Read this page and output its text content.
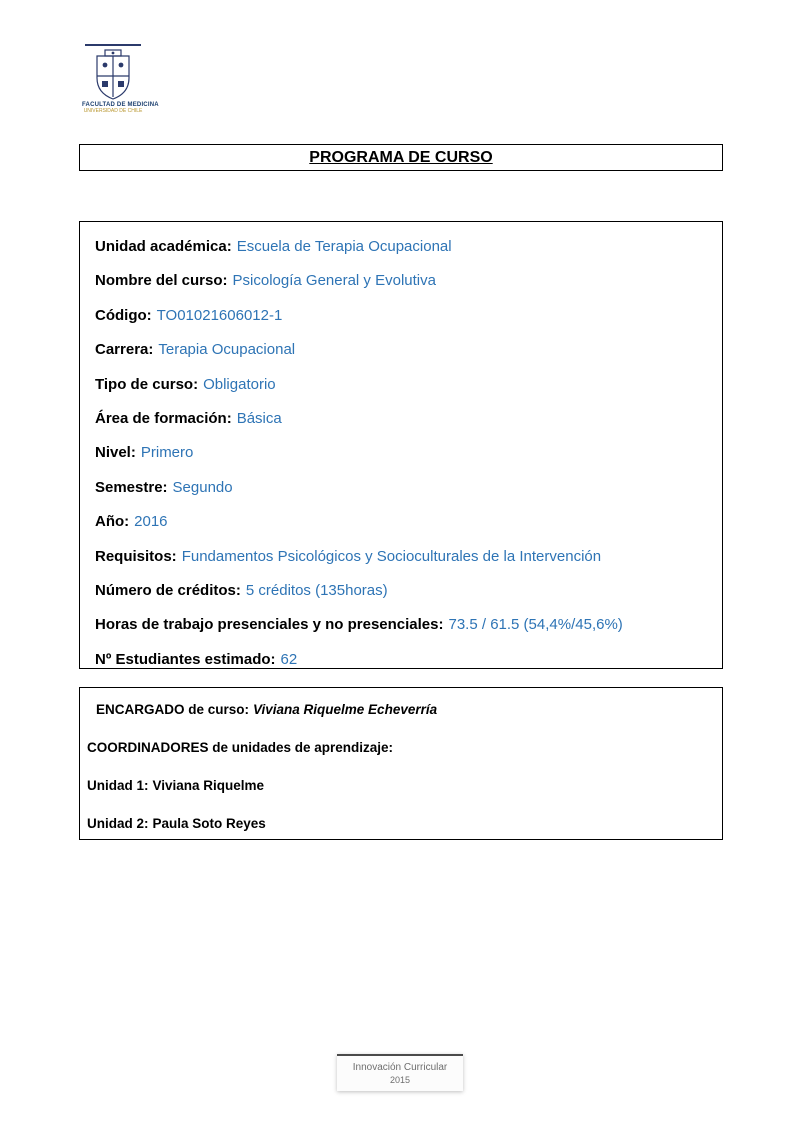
FACULTAD DE MEDICINA
UNIVERSIDAD DE CHILE
PROGRAMA DE CURSO
Unidad académica: Escuela de Terapia Ocupacional
Nombre del curso: Psicología General y Evolutiva
Código: TO01021606012-1
Carrera: Terapia Ocupacional
Tipo de curso: Obligatorio
Área de formación: Básica
Nivel: Primero
Semestre: Segundo
Año: 2016
Requisitos: Fundamentos Psicológicos y Socioculturales de la Intervención
Número de créditos: 5 créditos (135horas)
Horas de trabajo presenciales y no presenciales: 73.5 / 61.5 (54,4%/45,6%)
Nº Estudiantes estimado: 62
ENCARGADO de curso: Viviana Riquelme Echeverría
COORDINADORES de unidades de aprendizaje:
Unidad 1: Viviana Riquelme
Unidad 2: Paula Soto Reyes
Innovación Curricular
2015
